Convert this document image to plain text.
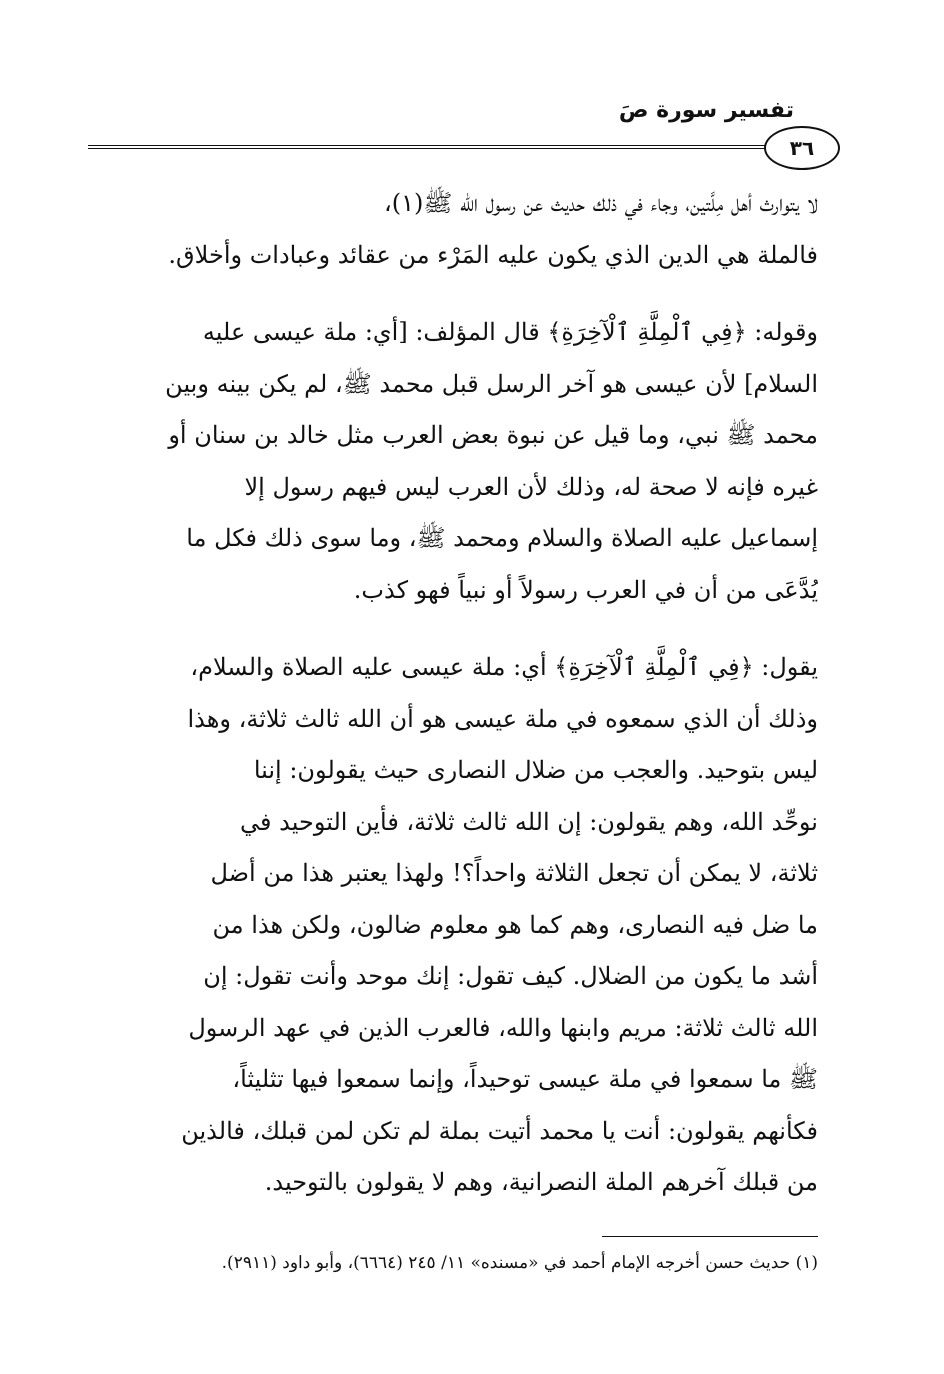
تفسير سورة صَ
٣٦

لا يتوارث أهل مِلَّتين، وجاء في ذلك حديث عن رسول الله ﷺ(١)،
فالملة هي الدين الذي يكون عليه المَرْء من عقائد وعبادات وأخلاق.

وقوله: ﴿فِي ٱلْمِلَّةِ ٱلْآخِرَةِ﴾ قال المؤلف: [أي: ملة عيسى عليه
السلام] لأن عيسى هو آخر الرسل قبل محمد ﷺ، لم يكن بينه وبين
محمد ﷺ نبي، وما قيل عن نبوة بعض العرب مثل خالد بن سنان أو
غيره فإنه لا صحة له، وذلك لأن العرب ليس فيهم رسول إلا
إسماعيل عليه الصلاة والسلام ومحمد ﷺ، وما سوى ذلك فكل ما
يُدَّعَى من أن في العرب رسولاً أو نبياً فهو كذب.

يقول: ﴿فِي ٱلْمِلَّةِ ٱلْآخِرَةِ﴾ أي: ملة عيسى عليه الصلاة والسلام،
وذلك أن الذي سمعوه في ملة عيسى هو أن الله ثالث ثلاثة، وهذا
ليس بتوحيد. والعجب من ضلال النصارى حيث يقولون: إننا
نوحِّد الله، وهم يقولون: إن الله ثالث ثلاثة، فأين التوحيد في
ثلاثة، لا يمكن أن تجعل الثلاثة واحداً؟! ولهذا يعتبر هذا من أضل
ما ضل فيه النصارى، وهم كما هو معلوم ضالون، ولكن هذا من
أشد ما يكون من الضلال. كيف تقول: إنك موحد وأنت تقول: إن
الله ثالث ثلاثة: مريم وابنها والله، فالعرب الذين في عهد الرسول
ﷺ ما سمعوا في ملة عيسى توحيداً، وإنما سمعوا فيها تثليثاً،
فكأنهم يقولون: أنت يا محمد أتيت بملة لم تكن لمن قبلك، فالذين
من قبلك آخرهم الملة النصرانية، وهم لا يقولون بالتوحيد.

(١) حديث حسن أخرجه الإمام أحمد في «مسنده» ١١/ ٢٤٥ (٦٦٦٤)، وأبو داود (٢٩١١).
